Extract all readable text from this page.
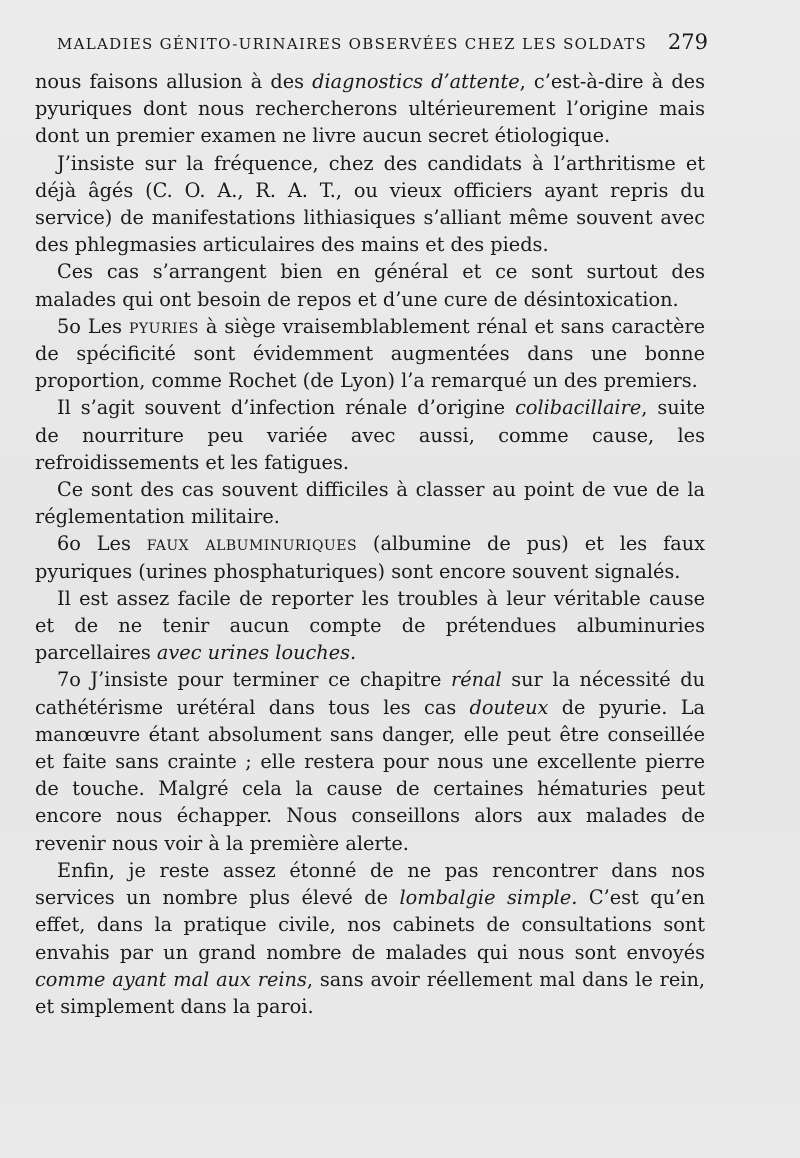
MALADIES GÉNITO-URINAIRES OBSERVÉES CHEZ LES SOLDATS 279

nous faisons allusion à des diagnostics d’attente, c’est-à-dire à des pyuriques dont nous rechercherons ultérieurement l’origine mais dont un premier examen ne livre aucun secret étiologique.

J’insiste sur la fréquence, chez des candidats à l’arthritisme et déjà âgés (C. O. A., R. A. T., ou vieux officiers ayant repris du service) de manifestations lithiasiques s’alliant même souvent avec des phlegmasies articulaires des mains et des pieds.

Ces cas s’arrangent bien en général et ce sont surtout des malades qui ont besoin de repos et d’une cure de désintoxication.

5o Les pyuries à siège vraisemblablement rénal et sans caractère de spécificité sont évidemment augmentées dans une bonne proportion, comme Rochet (de Lyon) l’a remarqué un des premiers.

Il s’agit souvent d’infection rénale d’origine colibacillaire, suite de nourriture peu variée avec aussi, comme cause, les refroidissements et les fatigues.

Ce sont des cas souvent difficiles à classer au point de vue de la réglementation militaire.

6o Les faux albuminuriques (albumine de pus) et les faux pyuriques (urines phosphaturiques) sont encore souvent signalés.

Il est assez facile de reporter les troubles à leur véritable cause et de ne tenir aucun compte de prétendues albuminuries parcellaires avec urines louches.

7o J’insiste pour terminer ce chapitre rénal sur la nécessité du cathétérisme urétéral dans tous les cas douteux de pyurie. La manœuvre étant absolument sans danger, elle peut être conseillée et faite sans crainte ; elle restera pour nous une excellente pierre de touche. Malgré cela la cause de certaines hématuries peut encore nous échapper. Nous conseillons alors aux malades de revenir nous voir à la première alerte.

Enfin, je reste assez étonné de ne pas rencontrer dans nos services un nombre plus élevé de lombalgie simple. C’est qu’en effet, dans la pratique civile, nos cabinets de consultations sont envahis par un grand nombre de malades qui nous sont envoyés comme ayant mal aux reins, sans avoir réellement mal dans le rein, et simplement dans la paroi.
